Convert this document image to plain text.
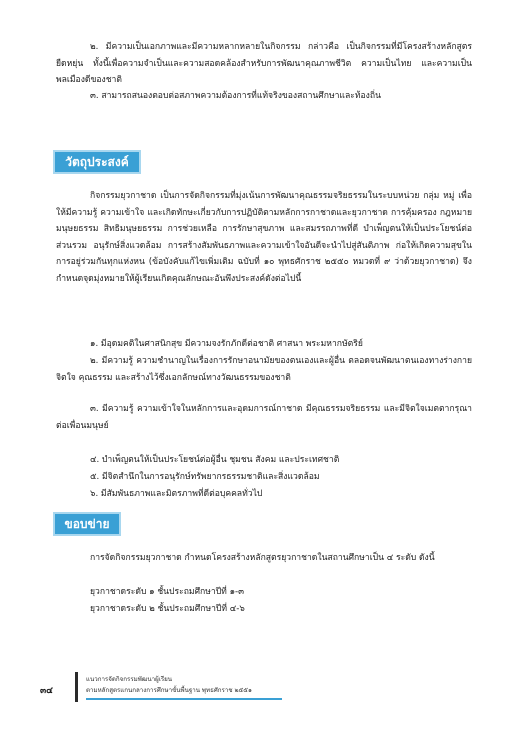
๒. มีความเป็นเอกภาพและมีความหลากหลายในกิจกรรม กล่าวคือ เป็นกิจกรรมที่มีโครงสร้างหลักสูตรยืดหยุ่น ทั้งนี้เพื่อความจำเป็นและความสอดคล้องสำหรับการพัฒนาคุณภาพชีวิต ความเป็นไทย และความเป็นพลเมืองดีของชาติ

๓. สามารถสนองตอบต่อสภาพความต้องการที่แท้จริงของสถานศึกษาและท้องถิ่น

วัตถุประสงค์

กิจกรรมยุวกาชาด เป็นการจัดกิจกรรมที่มุ่งเน้นการพัฒนาคุณธรรมจริยธรรมในระบบหน่วย กลุ่ม หมู่ เพื่อให้มีความรู้ ความเข้าใจ และเกิดทักษะเกี่ยวกับการปฏิบัติตามหลักการกาชาดและยุวกาชาด การคุ้มครอง กฎหมายมนุษยธรรม สิทธิมนุษยธรรม การช่วยเหลือ การรักษาสุขภาพ และสมรรถภาพที่ดี บำเพ็ญตนให้เป็นประโยชน์ต่อส่วนรวม อนุรักษ์สิ่งแวดล้อม การสร้างสัมพันธภาพและความเข้าใจอันดีจะนำไปสู่สันติภาพ ก่อให้เกิดความสุขในการอยู่ร่วมกันทุกแห่งหน (ข้อบังคับแก้ไขเพิ่มเติม ฉบับที่ ๑๐ พุทธศักราช ๒๕๕๐ หมวดที่ ๙ ว่าด้วยยุวกาชาด) จึงกำหนดจุดมุ่งหมายให้ผู้เรียนเกิดคุณลักษณะอันพึงประสงค์ดังต่อไปนี้

๑. มีอุดมคติในศาสนิกสุข มีความจงรักภักดีต่อชาติ ศาสนา พระมหากษัตริย์

๒. มีความรู้ ความชำนาญในเรื่องการรักษาอนามัยของตนเองและผู้อื่น ตลอดจนพัฒนาตนเองทางร่างกาย จิตใจ คุณธรรม และสร้างไว้ซึ่งเอกลักษณ์ทางวัฒนธรรมของชาติ

๓. มีความรู้ ความเข้าใจในหลักการและอุดมการณ์กาชาด มีคุณธรรมจริยธรรม และมีจิตใจเมตตากรุณาต่อเพื่อนมนุษย์

๔. บำเพ็ญตนให้เป็นประโยชน์ต่อผู้อื่น ชุมชน สังคม และประเทศชาติ

๕. มีจิตสำนึกในการอนุรักษ์ทรัพยากรธรรมชาติและสิ่งแวดล้อม

๖. มีสัมพันธภาพและมิตรภาพที่ดีต่อบุคคลทั่วไป

ขอบข่าย

การจัดกิจกรรมยุวกาชาด กำหนดโครงสร้างหลักสูตรยุวกาชาดในสถานศึกษาเป็น ๔ ระดับ ดังนี้

ยุวกาชาดระดับ ๑ ชั้นประถมศึกษาปีที่ ๑-๓

ยุวกาชาดระดับ ๒ ชั้นประถมศึกษาปีที่ ๔-๖

๓๔
แนวการจัดกิจกรรมพัฒนาผู้เรียน
ตามหลักสูตรแกนกลางการศึกษาขั้นพื้นฐาน พุทธศักราช ๒๕๕๑
